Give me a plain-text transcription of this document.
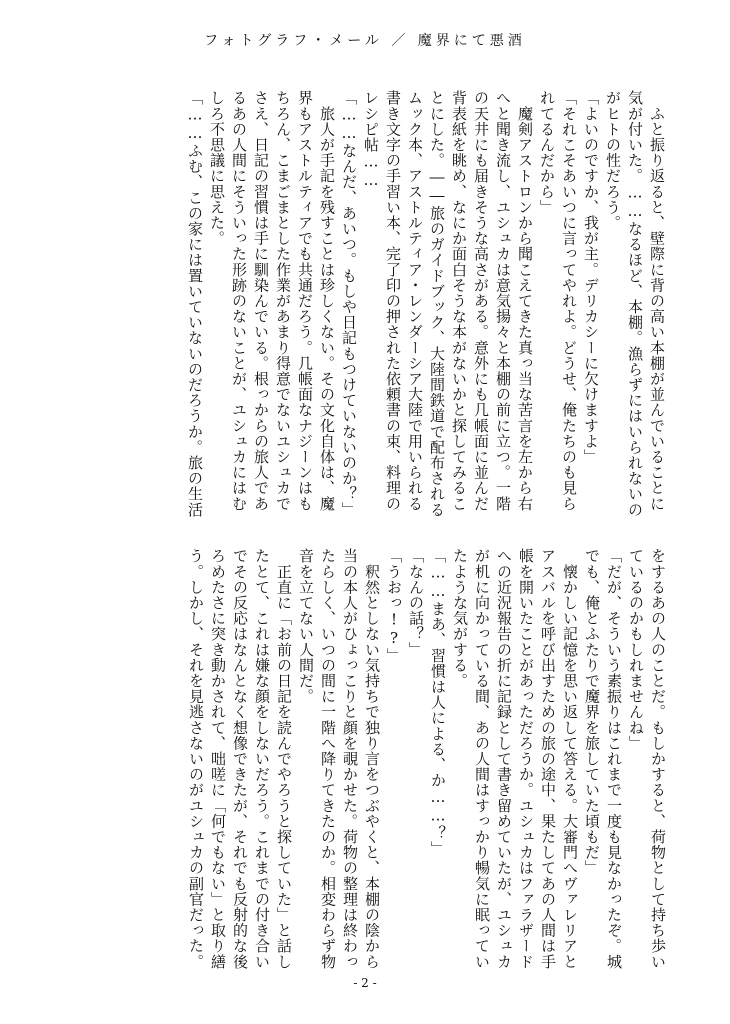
フォトグラフ・メール ／ 魔界にて悪酒
　ふと振り返ると、壁際に背の高い本棚が並んでいることに
気が付いた。……なるほど、本棚。漁らずにはいられないの
がヒトの性だろう。
「よいのですか、我が主。デリカシーに欠けますよ」
「それこそあいつに言ってやれよ。どうせ、俺たちのも見ら
れてるんだから」
　魔剣アストロンから聞こえてきた真っ当な苦言を左から右
へと聞き流し、ユシュカは意気揚々と本棚の前に立つ。一階
の天井にも届きそうな高さがある。意外にも几帳面に並んだ
背表紙を眺め、なにか面白そうな本がないかと探してみるこ
とにした。――旅のガイドブック、大陸間鉄道で配布される
ムック本、アストルティア・レンダーシア大陸で用いられる
書き文字の手習い本、完了印の押された依頼書の束、料理の
レシピ帖……
「……なんだ、あいつ。もしや日記もつけていないのか？」
　旅人が手記を残すことは珍しくない。その文化自体は、魔
界もアストルティアでも共通だろう。几帳面なナジーンはも
ちろん、こまごまとした作業があまり得意でないユシュカで
さえ、日記の習慣は手に馴染んでいる。根っからの旅人であ
るあの人間にそういった形跡のないことが、ユシュカにはむ
しろ不思議に思えた。
「……ふむ、この家には置いていないのだろうか。旅の生活
をするあの人のことだ。もしかすると、荷物として持ち歩い
ているのかもしれませんね」
「だが、そういう素振りはこれまで一度も見なかったぞ。城
でも、俺とふたりで魔界を旅していた頃もだ」
　懐かしい記憶を思い返して答える。大審門へヴァレリアと
アスバルを呼び出すための旅の途中、果たしてあの人間は手
帳を開いたことがあっただろうか。ユシュカはファラザード
への近況報告の折に記録として書き留めていたが、ユシュカ
が机に向かっている間、あの人間はすっかり暢気に眠ってい
たような気がする。
「……まあ、習慣は人による、か……？」
「なんの話？」
「うおっ!?」
　釈然としない気持ちで独り言をつぶやくと、本棚の陰から
当の本人がひょっこりと顔を覗かせた。荷物の整理は終わっ
たらしく、いつの間に一階へ降りてきたのか。相変わらず物
音を立てない人間だ。
　正直に「お前の日記を読んでやろうと探していた」と話し
たとて、これは嫌な顔をしないだろう。これまでの付き合い
でその反応はなんとなく想像できたが、それでも反射的な後
ろめたさに突き動かされて、咄嗟に「何でもない」と取り繕
う。しかし、それを見逃さないのがユシュカの副官だった。
- 2 -
